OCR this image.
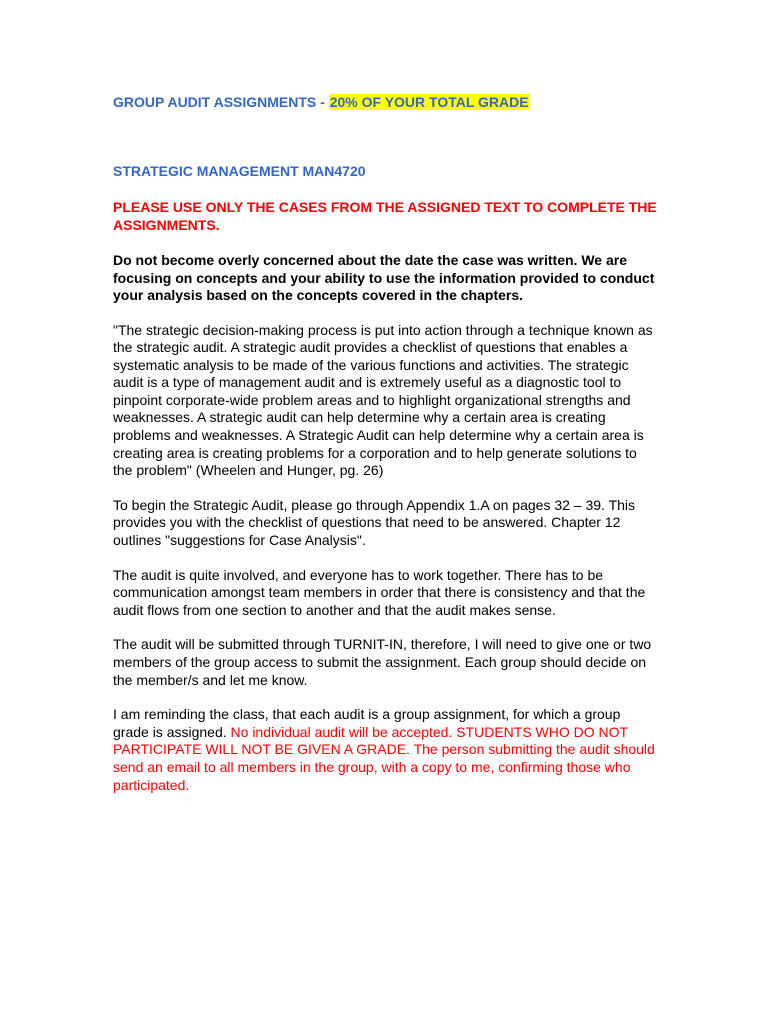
GROUP AUDIT ASSIGNMENTS - 20% OF YOUR TOTAL GRADE
STRATEGIC MANAGEMENT MAN4720
PLEASE USE ONLY THE CASES FROM THE ASSIGNED TEXT TO COMPLETE THE ASSIGNMENTS.
Do not become overly concerned about the date the case was written. We are focusing on concepts and your ability to use the information provided to conduct your analysis based on the concepts covered in the chapters.

"The strategic decision-making process is put into action through a technique known as the strategic audit. A strategic audit provides a checklist of questions that enables a systematic analysis to be made of the various functions and activities. The strategic audit is a type of management audit and is extremely useful as a diagnostic tool to pinpoint corporate-wide problem areas and to highlight organizational strengths and weaknesses. A strategic audit can help determine why a certain area is creating problems and weaknesses. A Strategic Audit can help determine why a certain area is creating area is creating problems for a corporation and to help generate solutions to the problem" (Wheelen and Hunger, pg. 26)

To begin the Strategic Audit, please go through Appendix 1.A on pages 32 – 39. This provides you with the checklist of questions that need to be answered. Chapter 12 outlines "suggestions for Case Analysis".

The audit is quite involved, and everyone has to work together. There has to be communication amongst team members in order that there is consistency and that the audit flows from one section to another and that the audit makes sense.

The audit will be submitted through TURNIT-IN, therefore, I will need to give one or two members of the group access to submit the assignment. Each group should decide on the member/s and let me know.

I am reminding the class, that each audit is a group assignment, for which a group grade is assigned. No individual audit will be accepted. STUDENTS WHO DO NOT PARTICIPATE WILL NOT BE GIVEN A GRADE. The person submitting the audit should send an email to all members in the group, with a copy to me, confirming those who participated.
